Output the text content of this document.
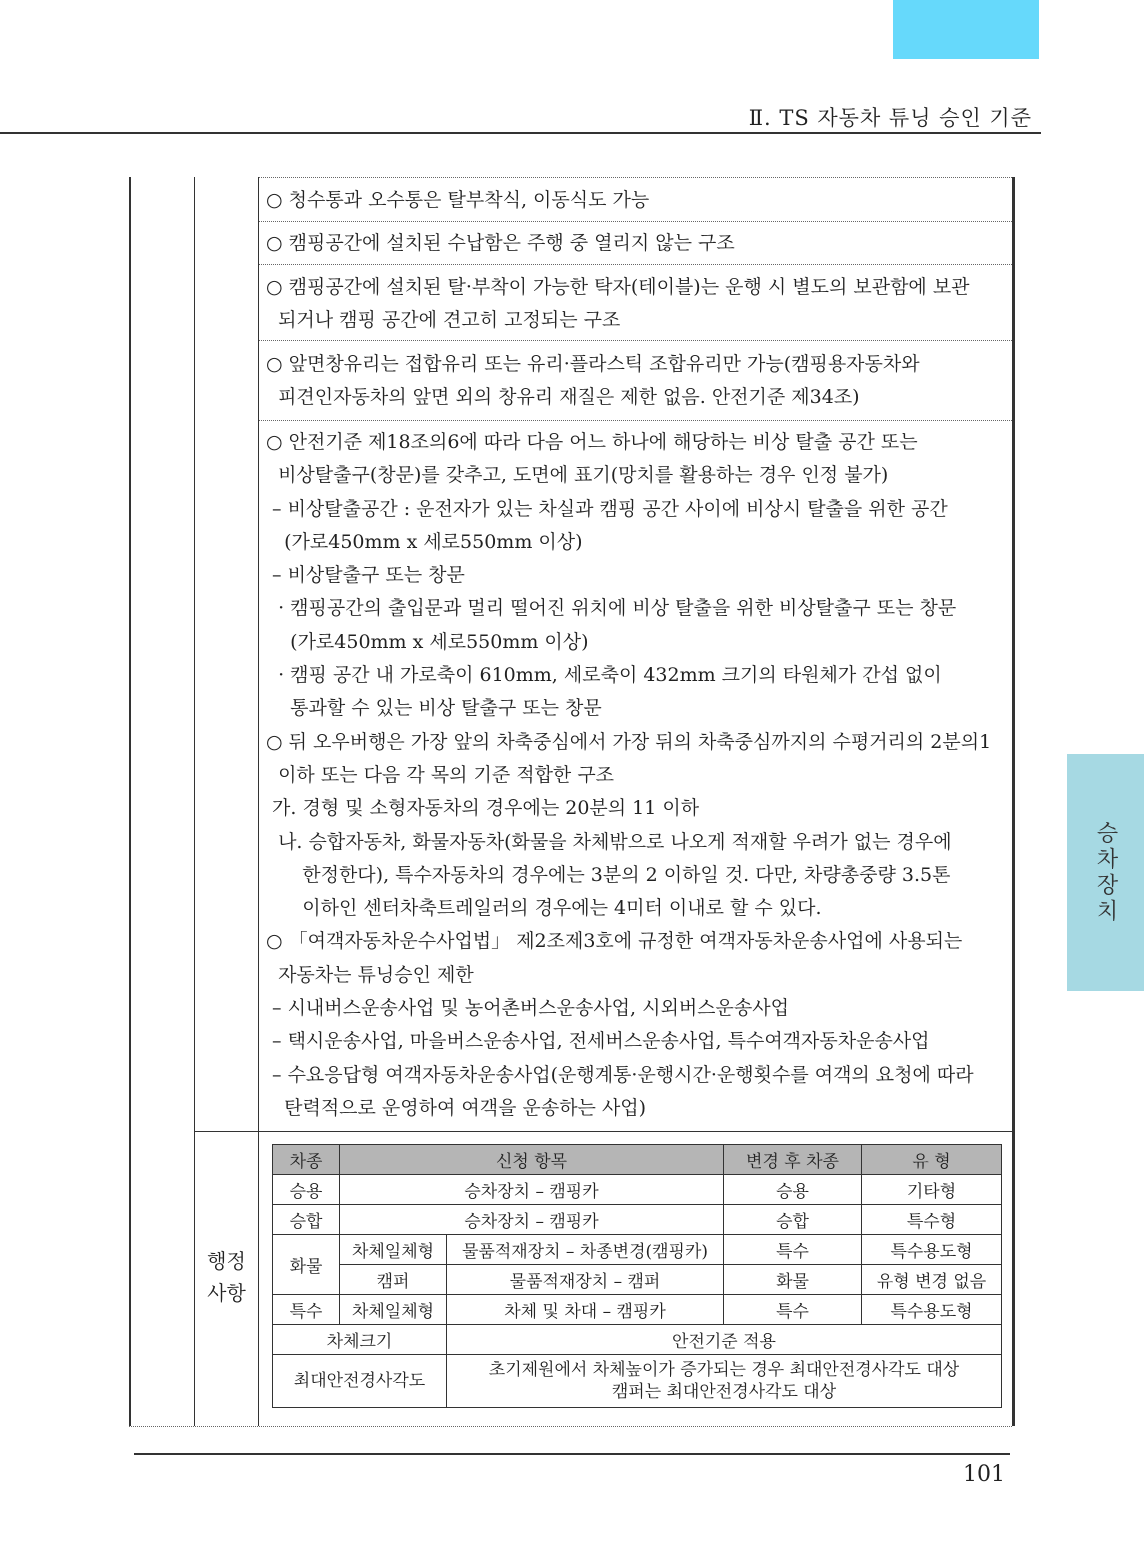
Ⅱ. TS 자동차 튜닝 승인 기준
승차장치
○ 청수통과 오수통은 탈부착식, 이동식도 가능
○ 캠핑공간에 설치된 수납함은 주행 중 열리지 않는 구조
○ 캠핑공간에 설치된 탈·부착이 가능한 탁자(테이블)는 운행 시 별도의 보관함에 보관
되거나 캠핑 공간에 견고히 고정되는 구조
○ 앞면창유리는 접합유리 또는 유리·플라스틱 조합유리만 가능(캠핑용자동차와
피견인자동차의 앞면 외의 창유리 재질은 제한 없음. 안전기준 제34조)
○ 안전기준 제18조의6에 따라 다음 어느 하나에 해당하는 비상 탈출 공간 또는
비상탈출구(창문)를 갖추고, 도면에 표기(망치를 활용하는 경우 인정 불가)
– 비상탈출공간 : 운전자가 있는 차실과 캠핑 공간 사이에 비상시 탈출을 위한 공간
(가로450mm x 세로550mm 이상)
– 비상탈출구 또는 창문
· 캠핑공간의 출입문과 멀리 떨어진 위치에 비상 탈출을 위한 비상탈출구 또는 창문
(가로450mm x 세로550mm 이상)
· 캠핑 공간 내 가로축이 610mm, 세로축이 432mm 크기의 타원체가 간섭 없이
통과할 수 있는 비상 탈출구 또는 창문
○ 뒤 오우버행은 가장 앞의 차축중심에서 가장 뒤의 차축중심까지의 수평거리의 2분의1
이하 또는 다음 각 목의 기준 적합한 구조
가. 경형 및 소형자동차의 경우에는 20분의 11 이하
나. 승합자동차, 화물자동차(화물을 차체밖으로 나오게 적재할 우려가 없는 경우에
한정한다), 특수자동차의 경우에는 3분의 2 이하일 것. 다만, 차량총중량 3.5톤
이하인 센터차축트레일러의 경우에는 4미터 이내로 할 수 있다.
○ 「여객자동차운수사업법」 제2조제3호에 규정한 여객자동차운송사업에 사용되는
자동차는 튜닝승인 제한
– 시내버스운송사업 및 농어촌버스운송사업, 시외버스운송사업
– 택시운송사업, 마을버스운송사업, 전세버스운송사업, 특수여객자동차운송사업
– 수요응답형 여객자동차운송사업(운행계통·운행시간·운행횟수를 여객의 요청에 따라
탄력적으로 운영하여 여객을 운송하는 사업)
행정
사항
차종	신청 항목		변경 후 차종	유 형
승용	승차장치 – 캠핑카		승용	기타형
승합	승차장치 – 캠핑카		승합	특수형
화물	차체일체형	물품적재장치 – 차종변경(캠핑카)	특수	특수용도형
	캠퍼	물품적재장치 – 캠퍼	화물	유형 변경 없음
특수	차체일체형	차체 및 차대 – 캠핑카	특수	특수용도형
차체크기		안전기준 적용		
최대안전경사각도		초기제원에서 차체높이가 증가되는 경우 최대안전경사각도 대상
캠퍼는 최대안전경사각도 대상		
101
